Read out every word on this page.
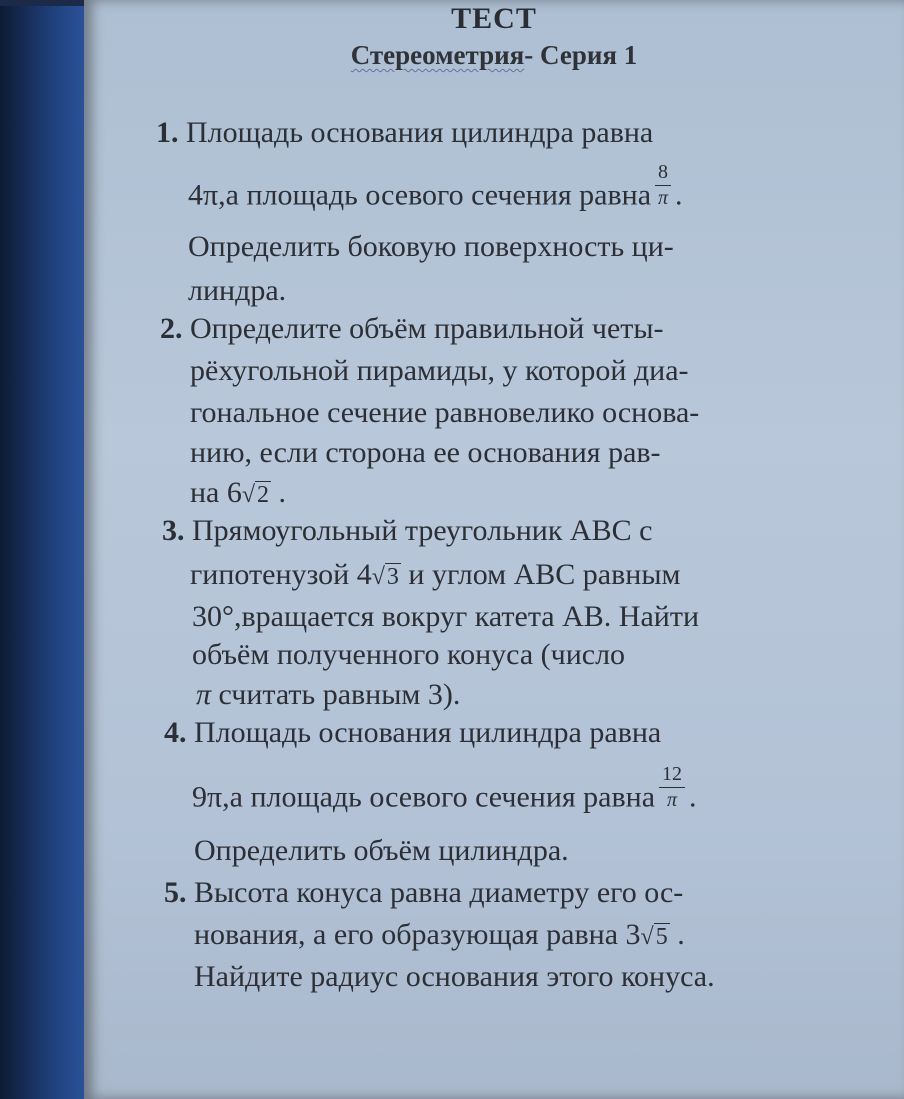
ТЕСТ
Стереометрия- Серия 1
1. Площадь основания цилиндра равна
4π,а площадь осевого сечения равна $\frac{8}{\pi}$ .
Определить боковую поверхность ци-
линдра.
2. Определите объём правильной четы-
рёхугольной пирамиды, у которой диа-
гональное сечение равновелико основа-
нию, если сторона ее основания рав-
на 6√2 .
3. Прямоугольный треугольник ABC с
гипотенузой 4√3 и углом ABC равным
30°,вращается вокруг катета AB. Найти
объём полученного конуса (число
π считать равным 3).
4. Площадь основания цилиндра равна
9π,а площадь осевого сечения равна $\frac{12}{\pi}$ .
Определить объём цилиндра.
5. Высота конуса равна диаметру его ос-
нования, а его образующая равна 3√5 .
Найдите радиус основания этого конуса.
